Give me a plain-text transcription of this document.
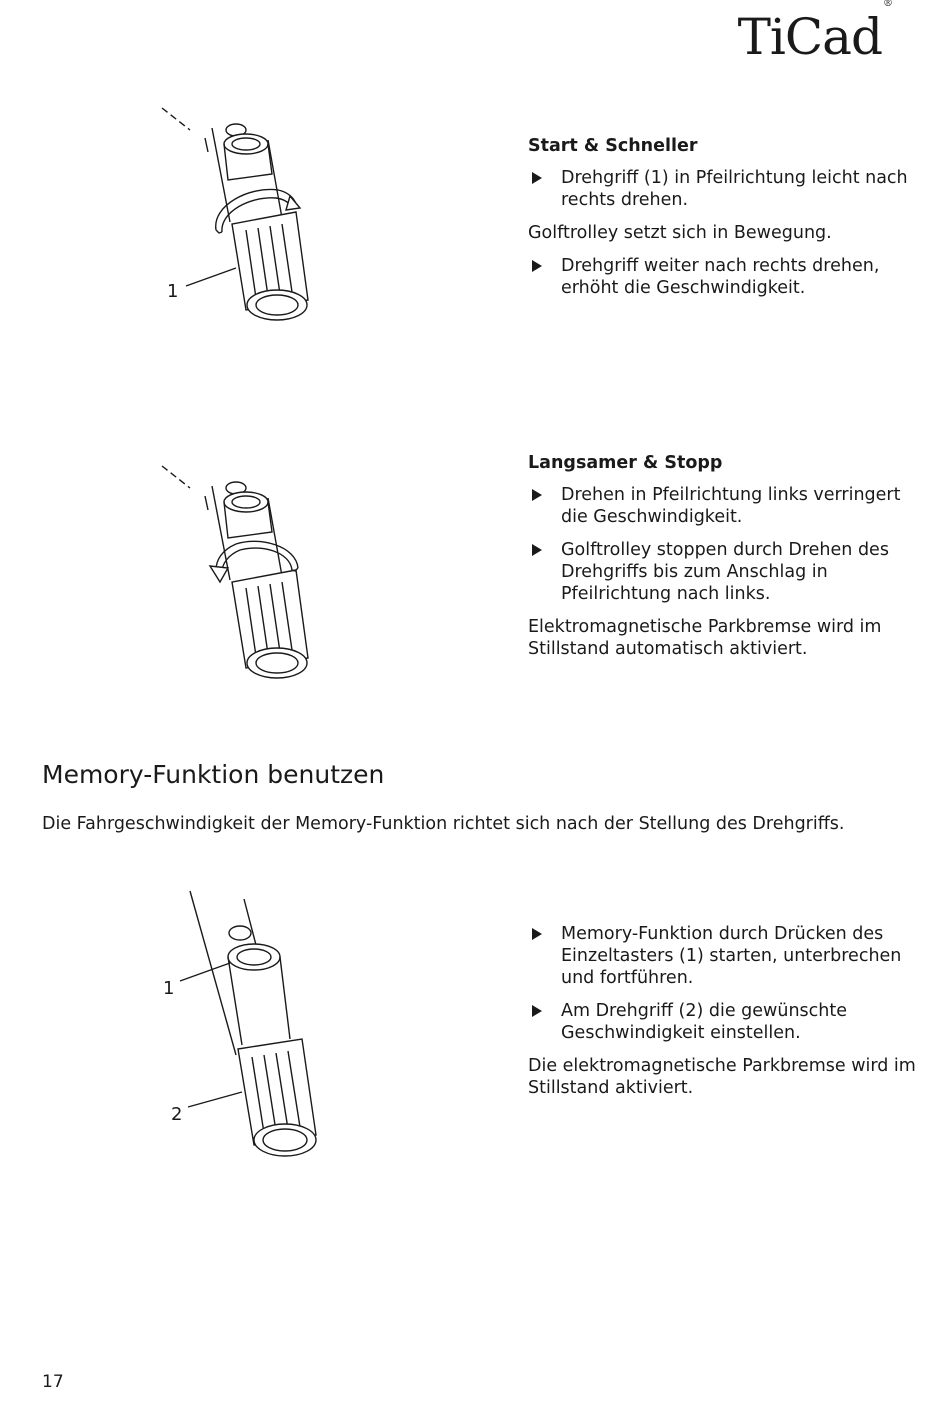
TiCad®
1
Start & Schneller
Drehgriff (1) in Pfeilrichtung leicht nach rechts drehen.

Golftrolley setzt sich in Bewegung.

Drehgriff weiter nach rechts drehen, erhöht die Geschwindigkeit.
Langsamer & Stopp
Drehen in Pfeilrichtung links verringert die Geschwindigkeit.
Golftrolley stoppen durch Drehen des Drehgriffs bis zum Anschlag in Pfeilrichtung nach links.

Elektromagnetische Parkbremse wird im Stillstand automatisch aktiviert.

Memory-Funktion benutzen

Die Fahrgeschwindigkeit der Memory-Funktion richtet sich nach der Stellung des Drehgriffs.

1
2
Memory-Funktion durch Drücken des Einzeltasters (1) starten, unterbrechen und fortführen.
Am Drehgriff (2) die gewünschte Geschwindigkeit einstellen.

Die elektromagnetische Parkbremse wird im Stillstand aktiviert.

17
